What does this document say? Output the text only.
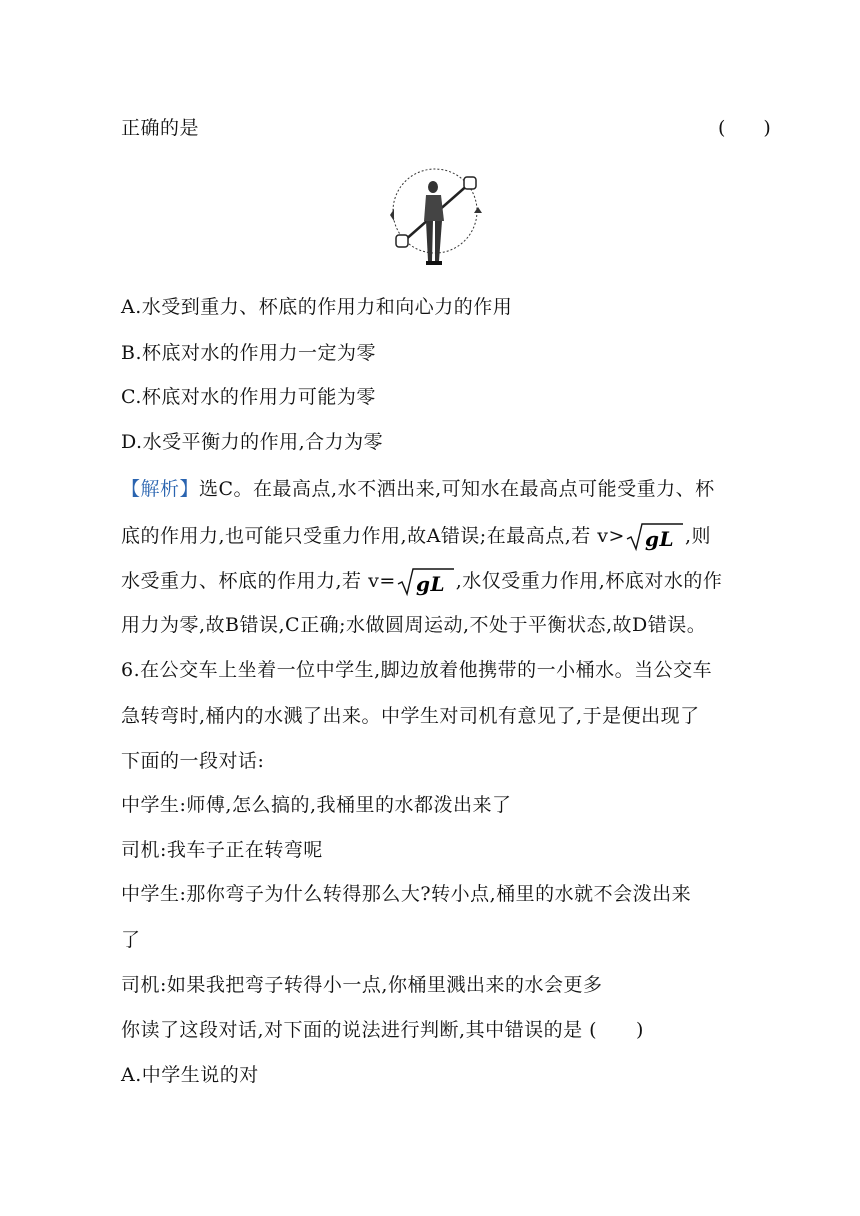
正确的是	(　　)
A.水受到重力、杯底的作用力和向心力的作用
B.杯底对水的作用力一定为零
C.杯底对水的作用力可能为零
D.水受平衡力的作用,合力为零
【解析】选C。在最高点,水不洒出来,可知水在最高点可能受重力、杯
底的作用力,也可能只受重力作用,故A错误;在最高点,若 v> gL ,则
水受重力、杯底的作用力,若 v= gL ,水仅受重力作用,杯底对水的作
用力为零,故B错误,C正确;水做圆周运动,不处于平衡状态,故D错误。
6.在公交车上坐着一位中学生,脚边放着他携带的一小桶水。当公交车
急转弯时,桶内的水溅了出来。中学生对司机有意见了,于是便出现了
下面的一段对话:
中学生:师傅,怎么搞的,我桶里的水都泼出来了
司机:我车子正在转弯呢
中学生:那你弯子为什么转得那么大?转小点,桶里的水就不会泼出来
了
司机:如果我把弯子转得小一点,你桶里溅出来的水会更多
你读了这段对话,对下面的说法进行判断,其中错误的是 (　　)
A.中学生说的对
